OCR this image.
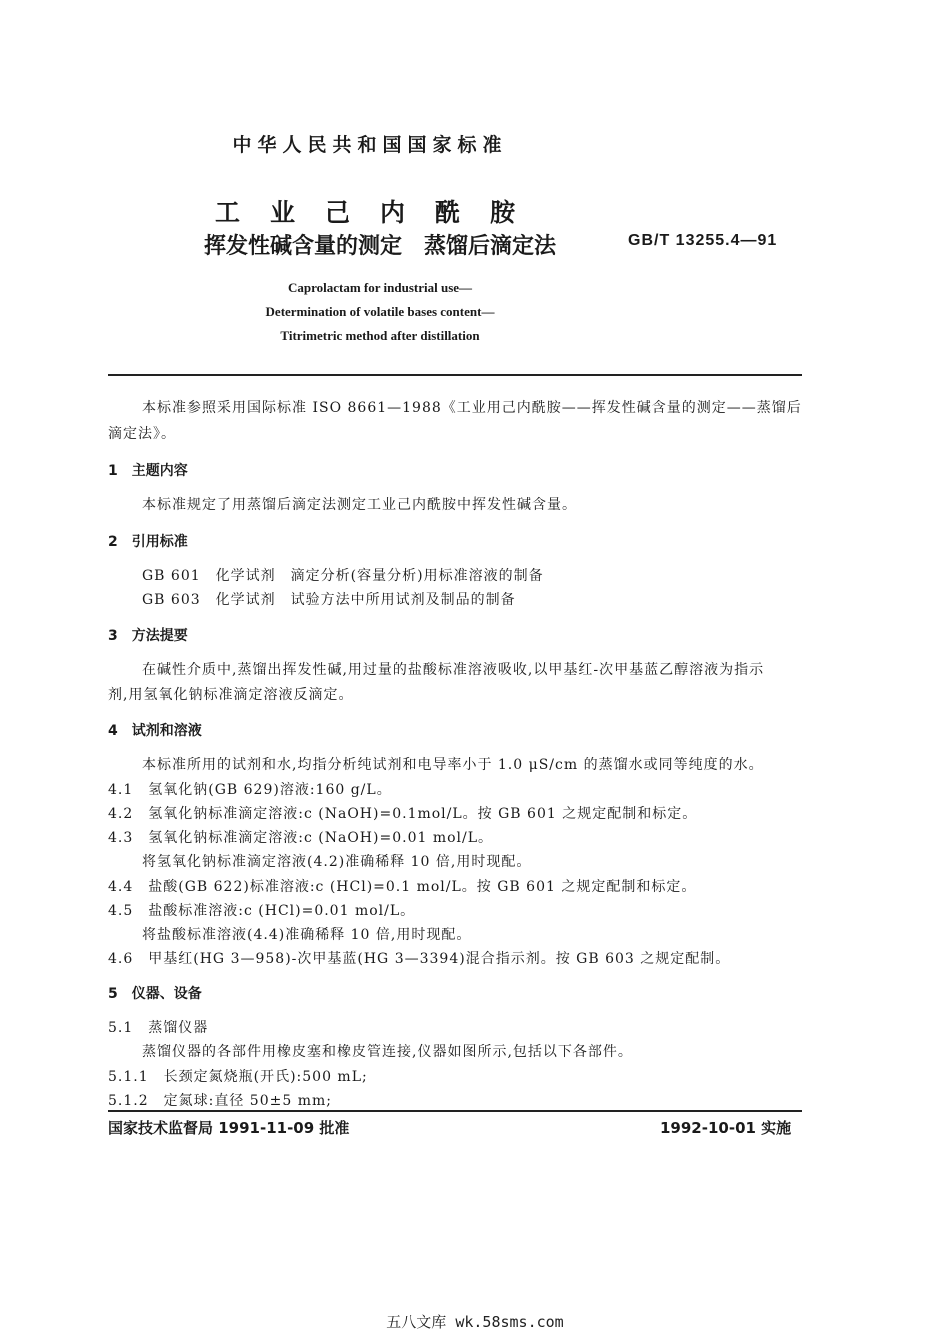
中华人民共和国国家标准
工业己内酰胺
挥发性碱含量的测定　蒸馏后滴定法	GB/T 13255.4—91
Caprolactam for industrial use—
Determination of volatile bases content—
Titrimetric method after distillation
本标准参照采用国际标准 ISO 8661—1988《工业用己内酰胺——挥发性碱含量的测定——蒸馏后
滴定法》。
1　主题内容
本标准规定了用蒸馏后滴定法测定工业己内酰胺中挥发性碱含量。
2　引用标准
GB 601　化学试剂　滴定分析(容量分析)用标准溶液的制备
GB 603　化学试剂　试验方法中所用试剂及制品的制备
3　方法提要
在碱性介质中,蒸馏出挥发性碱,用过量的盐酸标准溶液吸收,以甲基红-次甲基蓝乙醇溶液为指示
剂,用氢氧化钠标准滴定溶液反滴定。
4　试剂和溶液
本标准所用的试剂和水,均指分析纯试剂和电导率小于 1.0 μS/cm 的蒸馏水或同等纯度的水。
4.1　氢氧化钠(GB 629)溶液:160 g/L。
4.2　氢氧化钠标准滴定溶液:c (NaOH)=0.1mol/L。按 GB 601 之规定配制和标定。
4.3　氢氧化钠标准滴定溶液:c (NaOH)=0.01 mol/L。
将氢氧化钠标准滴定溶液(4.2)准确稀释 10 倍,用时现配。
4.4　盐酸(GB 622)标准溶液:c (HCl)=0.1 mol/L。按 GB 601 之规定配制和标定。
4.5　盐酸标准溶液:c (HCl)=0.01 mol/L。
将盐酸标准溶液(4.4)准确稀释 10 倍,用时现配。
4.6　甲基红(HG 3—958)-次甲基蓝(HG 3—3394)混合指示剂。按 GB 603 之规定配制。
5　仪器、设备
5.1　蒸馏仪器
蒸馏仪器的各部件用橡皮塞和橡皮管连接,仪器如图所示,包括以下各部件。
5.1.1　长颈定氮烧瓶(开氏):500 mL;
5.1.2　定氮球:直径 50±5 mm;
国家技术监督局 1991-11-09 批准	1992-10-01 实施
五八文库 wk.58sms.com
